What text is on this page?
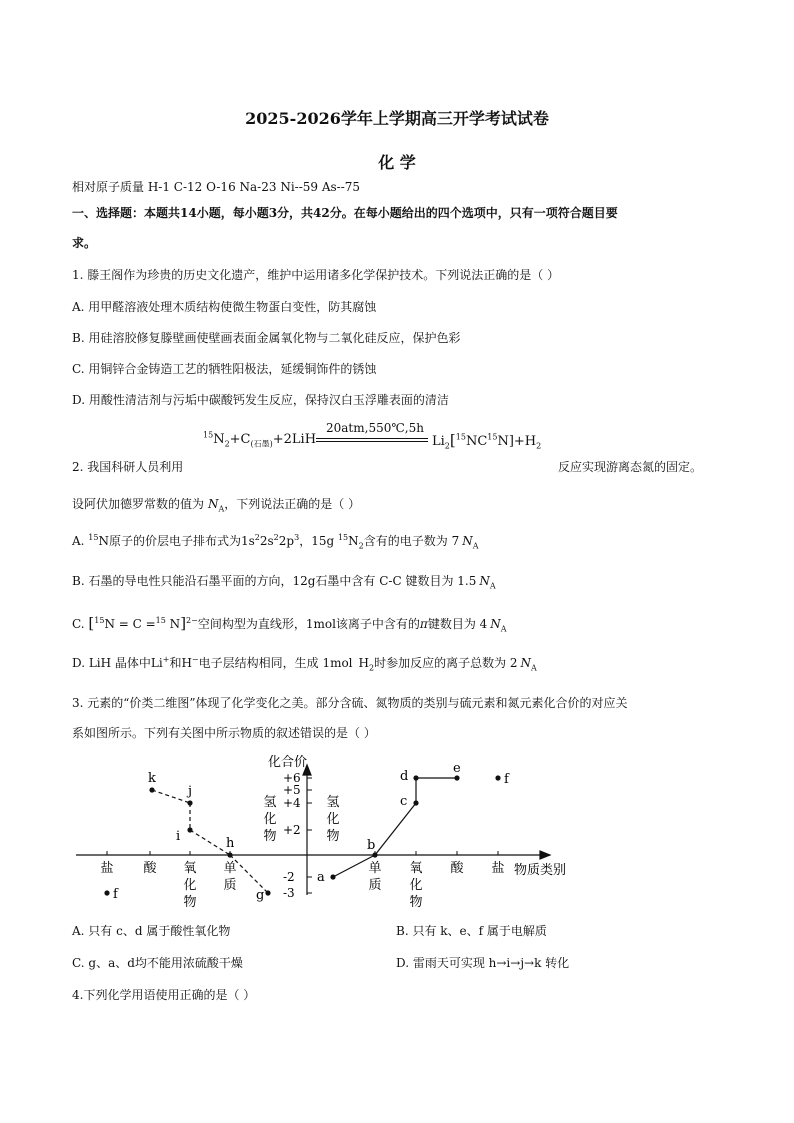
2025-2026学年上学期高三开学考试试卷
化 学
相对原子质量 H-1 C-12 O-16 Na-23 Ni--59 As--75
一、选择题：本题共14小题，每小题3分，共42分。在每小题给出的四个选项中，只有一项符合题目要
求。
1. 滕王阁作为珍贵的历史文化遗产，维护中运用诸多化学保护技术。下列说法正确的是（ ）
A. 用甲醛溶液处理木质结构使微生物蛋白变性，防其腐蚀
B. 用硅溶胶修复滕壁画使壁画表面金属氧化物与二氧化硅反应，保护色彩
C. 用铜锌合金铸造工艺的牺牲阳极法，延缓铜饰件的锈蚀
D. 用酸性清洁剂与污垢中碳酸钙发生反应，保持汉白玉浮雕表面的清洁
20atm,550℃,5h
$^{15}N_2+C_{(石墨)}+2LiH$	$Li_2[^{15}NC^{15}N]+H_2$
2. 我国科研人员利用	反应实现游离态氮的固定。
设阿伏加德罗常数的值为 $N_A$，下列说法正确的是（ ）
A. $^{15}$N原子的价层电子排布式为$1s^22s^22p^3$，15g $^{15}N_2$含有的电子数为 7 $N_A$
B. 石墨的导电性只能沿石墨平面的方向，12g石墨中含有 C-C 键数目为 1.5 $N_A$
C. [$^{15}$N = C =$^{15}$ N]$^{2-}$空间构型为直线形，1mol该离子中含有的π键数目为 4 $N_A$
D. LiH 晶体中Li+和H−电子层结构相同，生成 1mol $H_2$时参加反应的离子总数为 2 $N_A$
3. 元素的“价类二维图”体现了化学变化之美。部分含硫、氮物质的类别与硫元素和氮元素化合价的对应关
系如图所示。下列有关图中所示物质的叙述错误的是（ ）
+6
+5
+4
+2
-2
-3
盐 酸 氧
化
物
单
质
氢
化
物
氢
化
物
单
质
氧
化
物
酸 盐
k
j
i	h
g
f
a
b
c
d
e
f
化合价
物质类别
A. 只有 c、d 属于酸性氧化物	B. 只有 k、e、f 属于电解质
C. g、a、d均不能用浓硫酸干燥	D. 雷雨天可实现 h→i→j→k 转化
4.下列化学用语使用正确的是（ ）
